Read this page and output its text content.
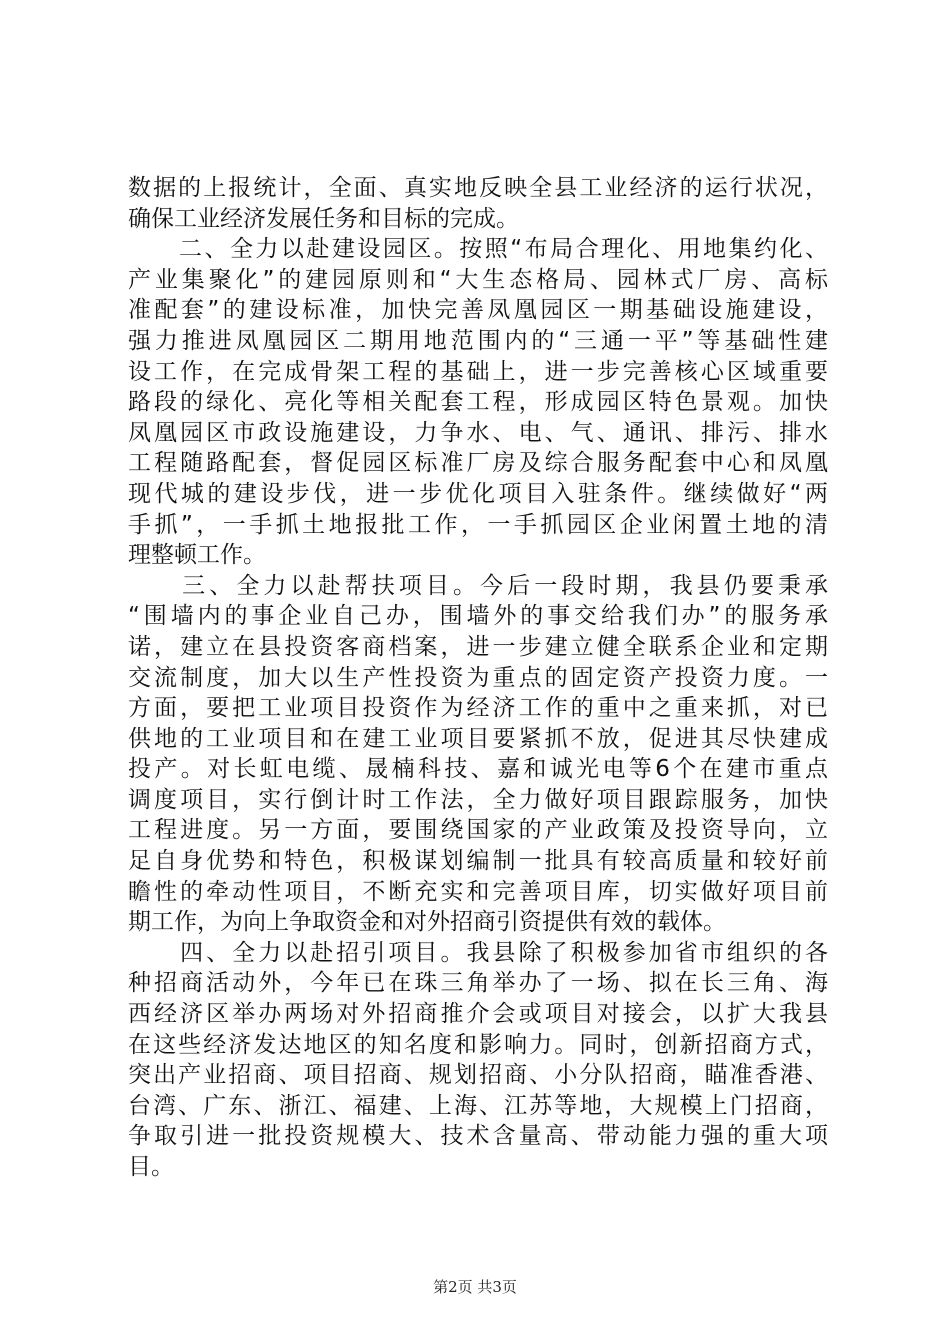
数据的上报统计，全面、真实地反映全县工业经济的运行状况，
确保工业经济发展任务和目标的完成。
　　二、全力以赴建设园区。按照“布局合理化、用地集约化、
产业集聚化”的建园原则和“大生态格局、园林式厂房、高标
准配套”的建设标准，加快完善凤凰园区一期基础设施建设，
强力推进凤凰园区二期用地范围内的“三通一平”等基础性建
设工作，在完成骨架工程的基础上，进一步完善核心区域重要
路段的绿化、亮化等相关配套工程，形成园区特色景观。加快
凤凰园区市政设施建设，力争水、电、气、通讯、排污、排水
工程随路配套，督促园区标准厂房及综合服务配套中心和凤凰
现代城的建设步伐，进一步优化项目入驻条件。继续做好“两
手抓”，一手抓土地报批工作，一手抓园区企业闲置土地的清
理整顿工作。
　　三、全力以赴帮扶项目。今后一段时期，我县仍要秉承
“围墙内的事企业自己办，围墙外的事交给我们办”的服务承
诺，建立在县投资客商档案，进一步建立健全联系企业和定期
交流制度，加大以生产性投资为重点的固定资产投资力度。一
方面，要把工业项目投资作为经济工作的重中之重来抓，对已
供地的工业项目和在建工业项目要紧抓不放，促进其尽快建成
投产。对长虹电缆、晟楠科技、嘉和诚光电等6个在建市重点
调度项目，实行倒计时工作法，全力做好项目跟踪服务，加快
工程进度。另一方面，要围绕国家的产业政策及投资导向，立
足自身优势和特色，积极谋划编制一批具有较高质量和较好前
瞻性的牵动性项目，不断充实和完善项目库，切实做好项目前
期工作，为向上争取资金和对外招商引资提供有效的载体。
　　四、全力以赴招引项目。我县除了积极参加省市组织的各
种招商活动外，今年已在珠三角举办了一场、拟在长三角、海
西经济区举办两场对外招商推介会或项目对接会，以扩大我县
在这些经济发达地区的知名度和影响力。同时，创新招商方式，
突出产业招商、项目招商、规划招商、小分队招商，瞄准香港、
台湾、广东、浙江、福建、上海、江苏等地，大规模上门招商，
争取引进一批投资规模大、技术含量高、带动能力强的重大项
目。
第2页 共3页
